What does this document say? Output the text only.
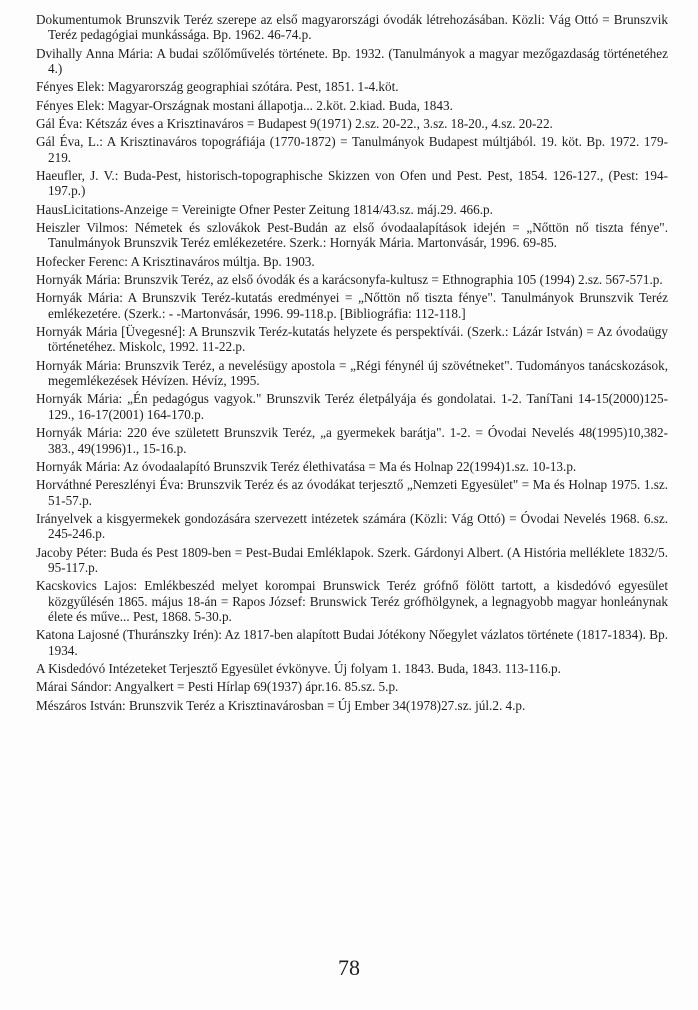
Dokumentumok Brunszvik Teréz szerepe az első magyarországi óvodák létrehozásában. Közli: Vág Ottó = Brunszvik Teréz pedagógiai munkássága. Bp. 1962. 46-74.p.

Dvihally Anna Mária: A budai szőlőművelés története. Bp. 1932. (Tanulmányok a magyar mezőgazdaság történetéhez 4.)

Fényes Elek: Magyarország geographiai szótára. Pest, 1851. 1-4.köt.

Fényes Elek: Magyar-Országnak mostani állapotja... 2.köt. 2.kiad. Buda, 1843.

Gál Éva: Kétszáz éves a Krisztinaváros = Budapest 9(1971) 2.sz. 20-22., 3.sz. 18-20., 4.sz. 20-22.

Gál Éva, L.: A Krisztinaváros topográfiája (1770-1872) = Tanulmányok Budapest múltjából. 19. köt. Bp. 1972. 179-219.

Haeufler, J. V.: Buda-Pest, historisch-topographische Skizzen von Ofen und Pest. Pest, 1854. 126-127., (Pest: 194-197.p.)

HausLicitations-Anzeige = Vereinigte Ofner Pester Zeitung 1814/43.sz. máj.29. 466.p.

Heiszler Vilmos: Németek és szlovákok Pest-Budán az első óvodaalapítások idején = „Nőttön nő tiszta fénye". Tanulmányok Brunszvik Teréz emlékezetére. Szerk.: Hornyák Mária. Martonvásár, 1996. 69-85.

Hofecker Ferenc: A Krisztinaváros múltja. Bp. 1903.

Hornyák Mária: Brunszvik Teréz, az első óvodák és a karácsonyfa-kultusz = Ethnographia 105 (1994) 2.sz. 567-571.p.

Hornyák Mária: A Brunszvik Teréz-kutatás eredményei = „Nőttön nő tiszta fénye". Tanulmányok Brunszvik Teréz emlékezetére. (Szerk.: - -Martonvásár, 1996. 99-118.p. [Bibliográfia: 112-118.]

Hornyák Mária [Üvegesné]: A Brunszvik Teréz-kutatás helyzete és perspektívái. (Szerk.: Lázár István) = Az óvodaügy történetéhez. Miskolc, 1992. 11-22.p.

Hornyák Mária: Brunszvik Teréz, a nevelésügy apostola = „Régi fénynél új szövétneket". Tudományos tanácskozások, megemlékezések Hévízen. Hévíz, 1995.

Hornyák Mária: „Én pedagógus vagyok." Brunszvik Teréz életpályája és gondolatai. 1-2. TaníTani 14-15(2000)125-129., 16-17(2001) 164-170.p.

Hornyák Mária: 220 éve született Brunszvik Teréz, „a gyermekek barátja". 1-2. = Óvodai Nevelés 48(1995)10,382-383., 49(1996)1., 15-16.p.

Hornyák Mária: Az óvodaalapító Brunszvik Teréz élethivatása = Ma és Holnap 22(1994)1.sz. 10-13.p.

Horváthné Pereszlényi Éva: Brunszvik Teréz és az óvodákat terjesztő „Nemzeti Egyesület" = Ma és Holnap 1975. 1.sz. 51-57.p.

Irányelvek a kisgyermekek gondozására szervezett intézetek számára (Közli: Vág Ottó) = Óvodai Nevelés 1968. 6.sz. 245-246.p.

Jacoby Péter: Buda és Pest 1809-ben = Pest-Budai Emléklapok. Szerk. Gárdonyi Albert. (A História melléklete 1832/5. 95-117.p.

Kacskovics Lajos: Emlékbeszéd melyet korompai Brunswick Teréz grófnő fölött tartott, a kisdedóvó egyesület közgyűlésén 1865. május 18-án = Rapos József: Brunswick Teréz grófhölgynek, a legnagyobb magyar honleánynak élete és műve... Pest, 1868. 5-30.p.

Katona Lajosné (Thuránszky Irén): Az 1817-ben alapított Budai Jótékony Nőegylet vázlatos története (1817-1834). Bp. 1934.

A Kisdedóvó Intézeteket Terjesztő Egyesület évkönyve. Új folyam 1. 1843. Buda, 1843. 113-116.p.

Márai Sándor: Angyalkert = Pesti Hírlap 69(1937) ápr.16. 85.sz. 5.p.

Mészáros István: Brunszvik Teréz a Krisztinavárosban = Új Ember 34(1978)27.sz. júl.2. 4.p.

78
